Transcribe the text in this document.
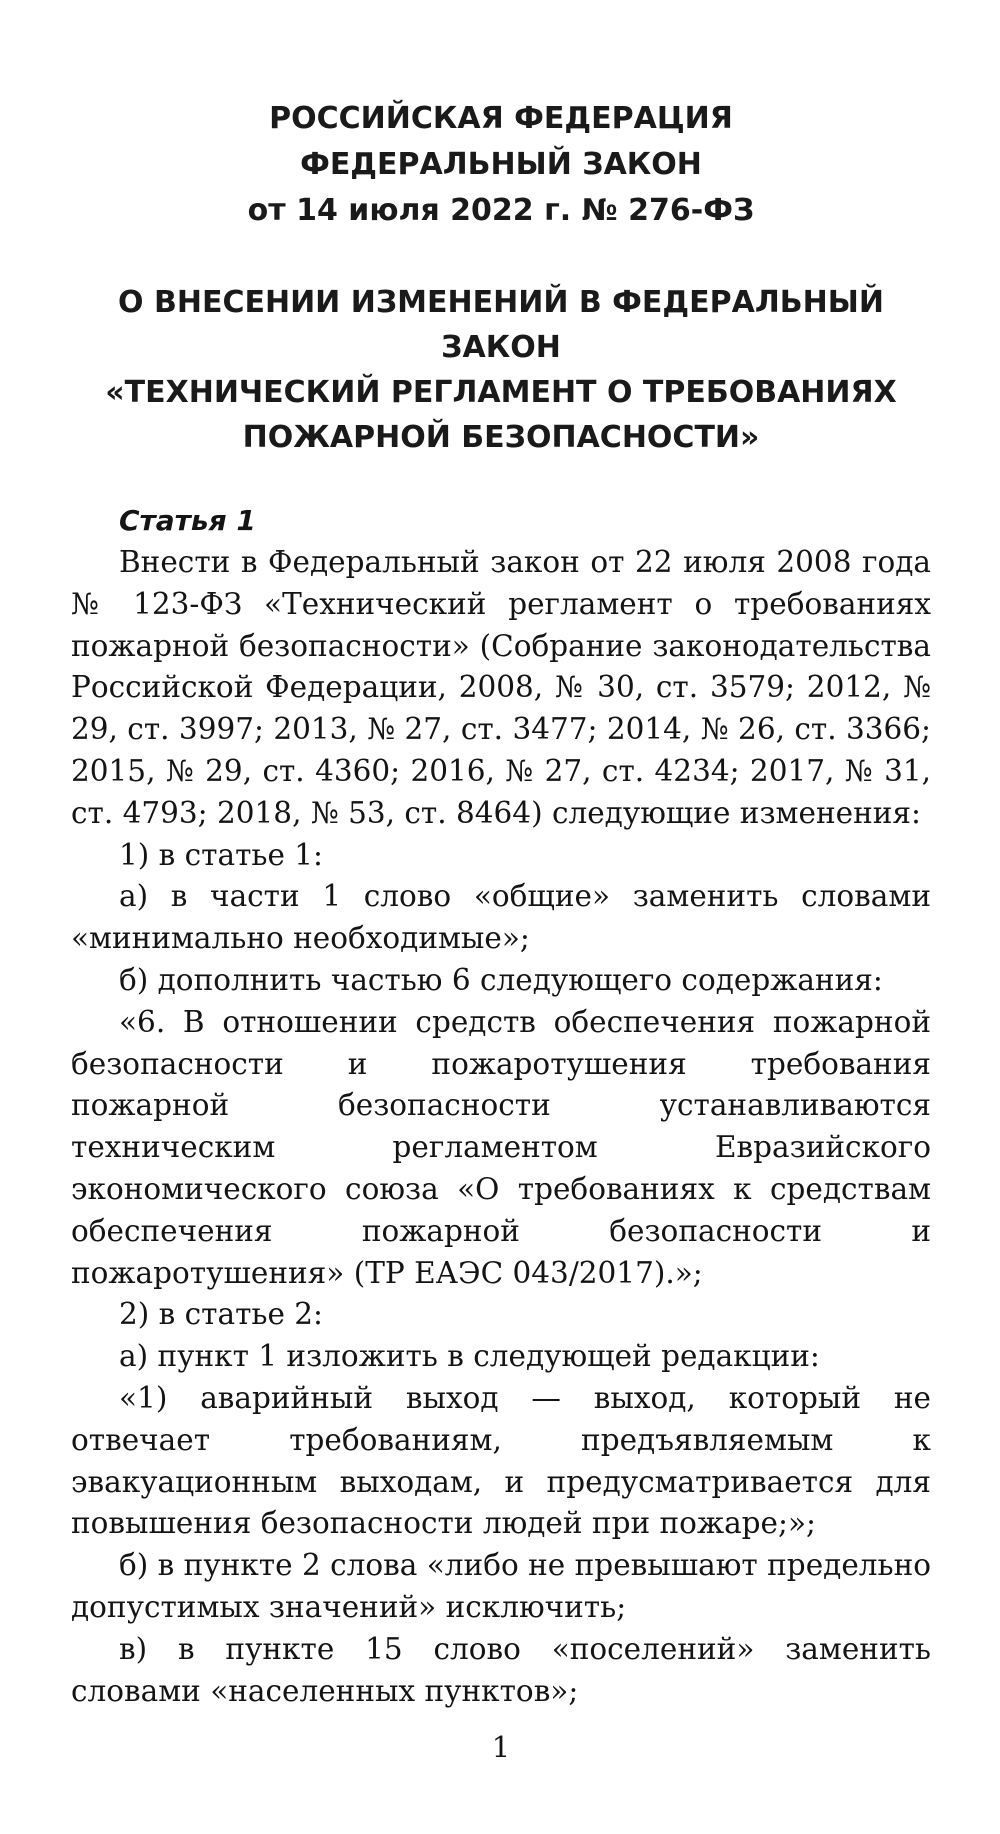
РОССИЙСКАЯ ФЕДЕРАЦИЯ
ФЕДЕРАЛЬНЫЙ ЗАКОН
от 14 июля 2022 г. № 276-ФЗ
О ВНЕСЕНИИ ИЗМЕНЕНИЙ В ФЕДЕРАЛЬНЫЙ ЗАКОН
«ТЕХНИЧЕСКИЙ РЕГЛАМЕНТ О ТРЕБОВАНИЯХ
ПОЖАРНОЙ БЕЗОПАСНОСТИ»
Статья 1

Внести в Федеральный закон от 22 июля 2008 года № 123-ФЗ «Технический регламент о требованиях пожарной безопасности» (Собрание законодательства Российской Федерации, 2008, № 30, ст. 3579; 2012, № 29, ст. 3997; 2013, № 27, ст. 3477; 2014, № 26, ст. 3366; 2015, № 29, ст. 4360; 2016, № 27, ст. 4234; 2017, № 31, ст. 4793; 2018, № 53, ст. 8464) следующие изменения:

1) в статье 1:

а) в части 1 слово «общие» заменить словами «минимально необходимые»;

б) дополнить частью 6 следующего содержания:

«6. В отношении средств обеспечения пожарной безопасности и пожаротушения требования пожарной безопасности устанавливаются техническим регламентом Евразийского экономического союза «О требованиях к средствам обеспечения пожарной безопасности и пожаротушения» (ТР ЕАЭС 043/2017).»;

2) в статье 2:

а) пункт 1 изложить в следующей редакции:

«1) аварийный выход — выход, который не отвечает требованиям, предъявляемым к эвакуационным выходам, и предусматривается для повышения безопасности людей при пожаре;»;

б) в пункте 2 слова «либо не превышают предельно допустимых значений» исключить;

в) в пункте 15 слово «поселений» заменить словами «населенных пунктов»;

1
